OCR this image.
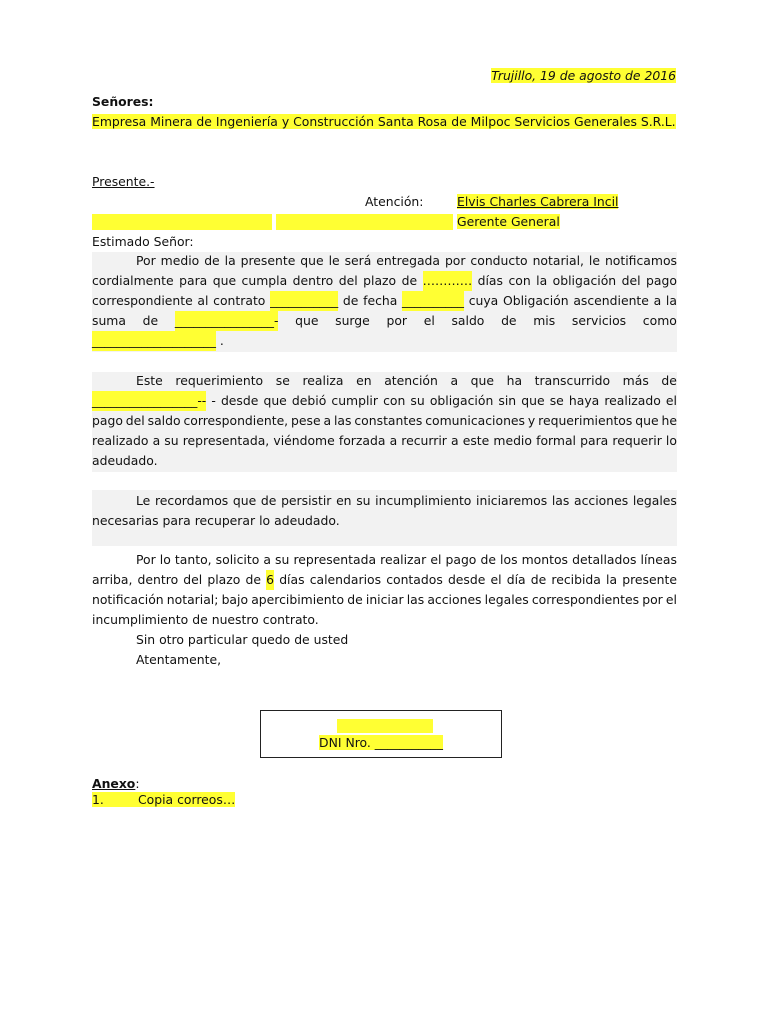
Trujillo, 19 de agosto de 2016
Señores:
Empresa Minera de Ingeniería y Construcción Santa Rosa de Milpoc Servicios Generales S.R.L.
Presente.-
Atención:	Elvis Charles Cabrera Incil
Gerente General
Estimado Señor:
Por medio de la presente que le será entregada por conducto notarial, le notificamos
cordialmente para que cumpla dentro del plazo de ………… días con la obligación del pago
correspondiente al contrato ___________ de fecha __________ cuya Obligación ascendiente a la
suma de ________________- que surge por el saldo de mis servicios como
____________________ .
Este requerimiento se realiza en atención a que ha transcurrido más de
_________________-- - desde que debió cumplir con su obligación sin que se haya realizado el
pago del saldo correspondiente, pese a las constantes comunicaciones y requerimientos que he
realizado a su representada, viéndome forzada a recurrir a este medio formal para requerir lo
adeudado.
Le recordamos que de persistir en su incumplimiento iniciaremos las acciones legales
necesarias para recuperar lo adeudado.
Por lo tanto, solicito a su representada realizar el pago de los montos detallados líneas
arriba, dentro del plazo de 6 días calendarios contados desde el día de recibida la presente
notificación notarial; bajo apercibimiento de iniciar las acciones legales correspondientes por el
incumplimiento de nuestro contrato.
Sin otro particular quedo de usted
Atentamente,
DNI Nro. ___________
Anexo:
1.	Copia correos…
